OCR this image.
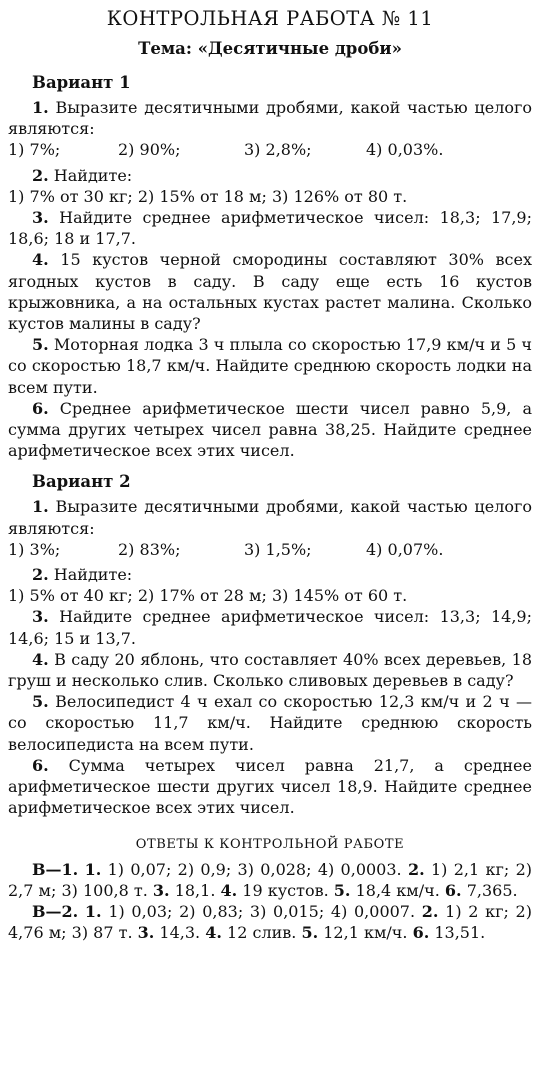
КОНТРОЛЬНАЯ РАБОТА № 11
Тема: «Десятичные дроби»
Вариант 1

1. Выразите десятичными дробями, какой частью целого являются:

1) 7%;	2) 90%;	3) 2,8%;	4) 0,03%.

2. Найдите:

1) 7% от 30 кг; 2) 15% от 18 м; 3) 126% от 80 т.

3. Найдите среднее арифметическое чисел: 18,3; 17,9; 18,6; 18 и 17,7.

4. 15 кустов черной смородины составляют 30% всех ягодных кустов в саду. В саду еще есть 16 кустов крыжовника, а на остальных кустах растет малина. Сколько кустов малины в саду?

5. Моторная лодка 3 ч плыла со скоростью 17,9 км/ч и 5 ч со скоростью 18,7 км/ч. Найдите среднюю скорость лодки на всем пути.

6. Среднее арифметическое шести чисел равно 5,9, а сумма других четырех чисел равна 38,25. Найдите среднее арифметическое всех этих чисел.

Вариант 2

1. Выразите десятичными дробями, какой частью целого являются:

1) 3%;	2) 83%;	3) 1,5%;	4) 0,07%.

2. Найдите:

1) 5% от 40 кг; 2) 17% от 28 м; 3) 145% от 60 т.

3. Найдите среднее арифметическое чисел: 13,3; 14,9; 14,6; 15 и 13,7.

4. В саду 20 яблонь, что составляет 40% всех деревьев, 18 груш и несколько слив. Сколько сливовых деревьев в саду?

5. Велосипедист 4 ч ехал со скоростью 12,3 км/ч и 2 ч — со скоростью 11,7 км/ч. Найдите среднюю скорость велосипедиста на всем пути.

6. Сумма четырех чисел равна 21,7, а среднее арифметическое шести других чисел 18,9. Найдите среднее арифметическое всех этих чисел.

ОТВЕТЫ К КОНТРОЛЬНОЙ РАБОТЕ

В—1. 1. 1) 0,07; 2) 0,9; 3) 0,028; 4) 0,0003. 2. 1) 2,1 кг; 2) 2,7 м; 3) 100,8 т. 3. 18,1. 4. 19 кустов. 5. 18,4 км/ч. 6. 7,365.

В—2. 1. 1) 0,03; 2) 0,83; 3) 0,015; 4) 0,0007. 2. 1) 2 кг; 2) 4,76 м; 3) 87 т. 3. 14,3. 4. 12 слив. 5. 12,1 км/ч. 6. 13,51.
